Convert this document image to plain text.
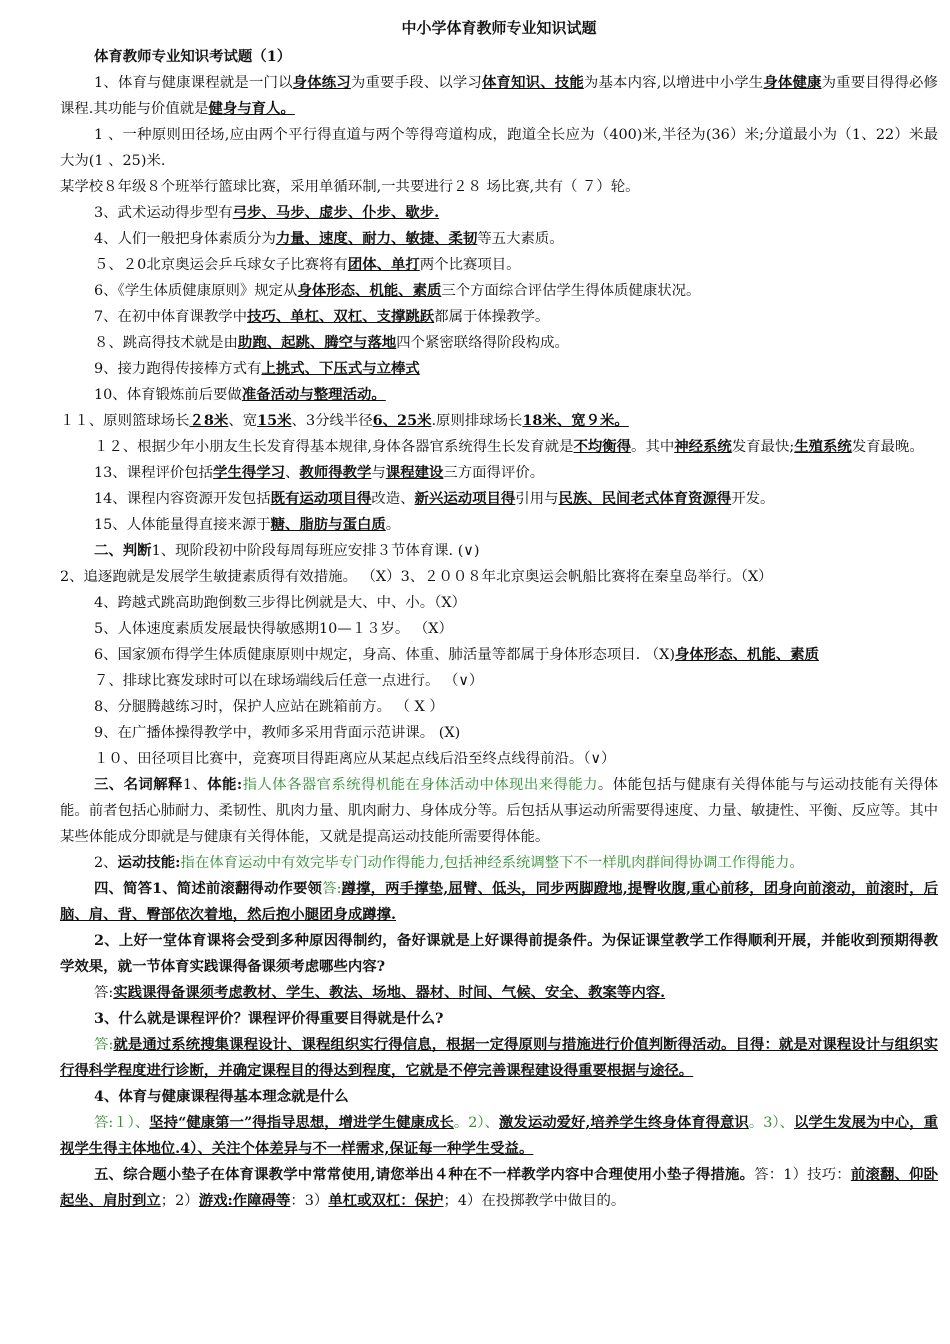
中小学体育教师专业知识试题

体育教师专业知识考试题（1）

1、体育与健康课程就是一门以身体练习为重要手段、以学习体育知识、技能为基本内容,以增进中小学生身体健康为重要目得得必修课程.其功能与价值就是健身与育人。

1 、一种原则田径场,应由两个平行得直道与两个等得弯道构成，跑道全长应为（400)米,半径为(36）米;分道最小为（1、22）米最大为(1 、25)米.

某学校８年级８个班举行篮球比赛，采用单循环制,一共要进行２８ 场比赛,共有（ ７）轮。

3、武术运动得步型有弓步、马步、虚步、仆步、歇步.

4、人们一般把身体素质分为力量、速度、耐力、敏捷、柔韧等五大素质。

５、２0北京奥运会乒乓球女子比赛将有团体、单打两个比赛项目。

6、《学生体质健康原则》规定从身体形态、机能、素质三个方面综合评估学生得体质健康状况。

7、在初中体育课教学中技巧、单杠、双杠、支撑跳跃都属于体操教学。

８、跳高得技术就是由助跑、起跳、腾空与落地四个紧密联络得阶段构成。

9、接力跑得传接棒方式有上挑式、下压式与立棒式

10、体育锻炼前后要做准备活动与整理活动。

１１、原则篮球场长２8米、宽15米、3分线半径6、25米.原则排球场长18米、宽９米。

１２、根据少年小朋友生长发育得基本规律,身体各器官系统得生长发育就是不均衡得。其中神经系统发育最快;生殖系统发育最晚。

13、课程评价包括学生得学习、教师得教学与课程建设三方面得评价。

14、课程内容资源开发包括既有运动项目得改造、新兴运动项目得引用与民族、民间老式体育资源得开发。

15、人体能量得直接来源于糖、脂肪与蛋白质。

二、判断1、现阶段初中阶段每周每班应安排３节体育课. (∨)

2、追逐跑就是发展学生敏捷素质得有效措施。 （X）3、２００８年北京奥运会帆船比赛将在秦皇岛举行。（X）

4、跨越式跳高助跑倒数三步得比例就是大、中、小。（X）

5、人体速度素质发展最快得敏感期10—１３岁。 （X）

6、国家颁布得学生体质健康原则中规定，身高、体重、肺活量等都属于身体形态项目. （X)身体形态、机能、素质

７、排球比赛发球时可以在球场端线后任意一点进行。 （∨）

8、分腿腾越练习时，保护人应站在跳箱前方。 （ X ）

9、在广播体操得教学中，教师多采用背面示范讲课。 (X)

１０、田径项目比赛中，竞赛项目得距离应从某起点线后沿至终点线得前沿。（∨）

三、名词解释1、体能:指人体各器官系统得机能在身体活动中体现出来得能力。体能包括与健康有关得体能与与运动技能有关得体能。前者包括心肺耐力、柔韧性、肌肉力量、肌肉耐力、身体成分等。后包括从事运动所需要得速度、力量、敏捷性、平衡、反应等。其中某些体能成分即就是与健康有关得体能，又就是提高运动技能所需要得体能。

2、运动技能:指在体育运动中有效完毕专门动作得能力,包括神经系统调整下不一样肌肉群间得协调工作得能力。

四、简答1、简述前滚翻得动作要领答:蹲撑，两手撑垫,屈臂、低头，同步两脚蹬地,提臀收腹,重心前移，团身向前滚动，前滚时，后脑、肩、背、臀部依次着地，然后抱小腿团身成蹲撑.

2、上好一堂体育课将会受到多种原因得制约，备好课就是上好课得前提条件。为保证课堂教学工作得顺利开展，并能收到预期得教学效果，就一节体育实践课得备课须考虑哪些内容?

答:实践课得备课须考虑教材、学生、教法、场地、器材、时间、气候、安全、教案等内容.

3、什么就是课程评价？课程评价得重要目得就是什么?

答:就是通过系统搜集课程设计、课程组织实行得信息，根据一定得原则与措施进行价值判断得活动。目得：就是对课程设计与组织实行得科学程度进行诊断，并确定课程目的得达到程度，它就是不停完善课程建设得重要根据与途径。

4、体育与健康课程得基本理念就是什么

答:１）、坚持“健康第一”得指导思想，增进学生健康成长。2）、激发运动爱好,培养学生终身体育得意识。3）、以学生发展为中心，重视学生得主体地位.4）、关注个体差异与不一样需求,保证每一种学生受益。

五、综合题小垫子在体育课教学中常常使用,请您举出４种在不一样教学内容中合理使用小垫子得措施。答：1）技巧：前滚翻、仰卧起坐、肩肘到立；2）游戏:作障碍等：3）单杠或双杠：保护；4）在投掷教学中做目的。
